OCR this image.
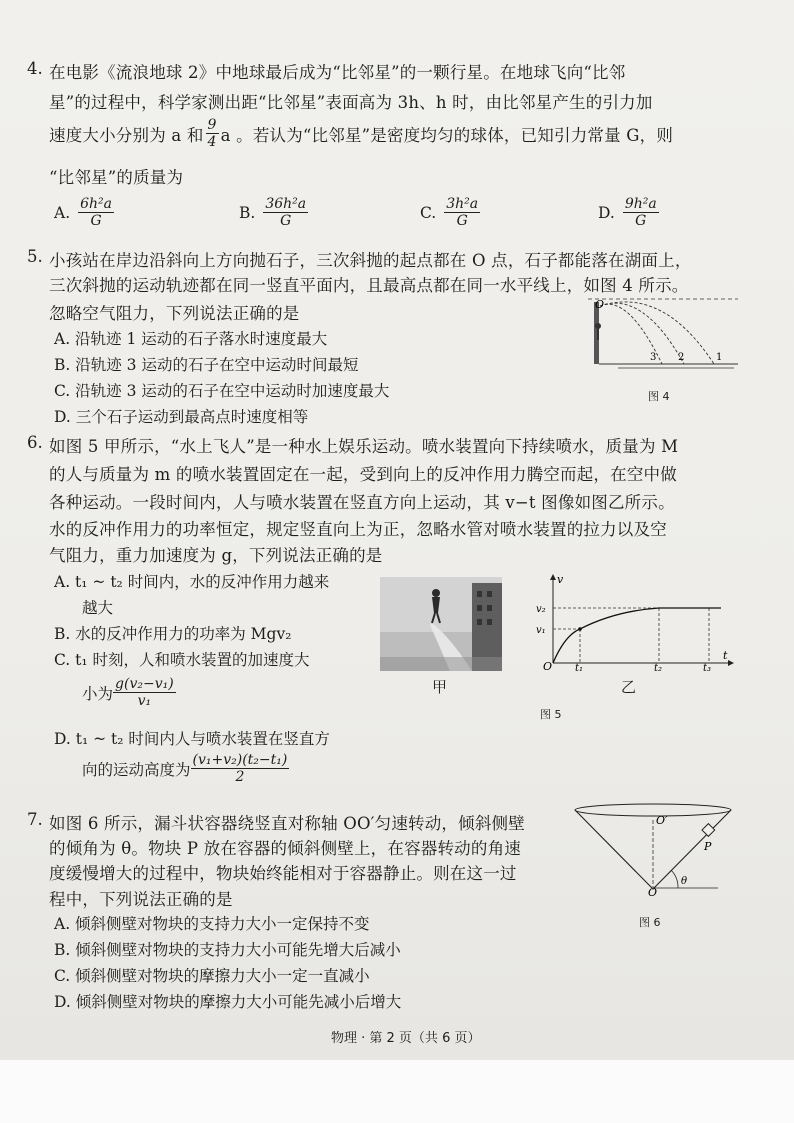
4. 在电影《流浪地球 2》中地球最后成为“比邻星”的一颗行星。在地球飞向“比邻
星”的过程中，科学家测出距“比邻星”表面高为 3h、h 时，由比邻星产生的引力加
速度大小分别为 a 和 $\frac{9}{4}$ a 。若认为“比邻星”是密度均匀的球体，已知引力常量 G，则
“比邻星”的质量为
A. $\frac{\text{6h²a}}{G}$	B. $\frac{\text{36h²a}}{G}$	C. $\frac{\text{3h²a}}{G}$	D. $\frac{\text{9h²a}}{G}$
5. 小孩站在岸边沿斜向上方向抛石子，三次斜抛的起点都在 O 点，石子都能落在湖面上，
三次斜抛的运动轨迹都在同一竖直平面内，且最高点都在同一水平线上，如图 4 所示。
忽略空气阻力，下列说法正确的是
A. 沿轨迹 1 运动的石子落水时速度最大
B. 沿轨迹 3 运动的石子在空中运动时间最短
C. 沿轨迹 3 运动的石子在空中运动时加速度最大
D. 三个石子运动到最高点时速度相等
O
3 2	1
图 4
6. 如图 5 甲所示，“水上飞人”是一种水上娱乐运动。喷水装置向下持续喷水，质量为 M
的人与质量为 m 的喷水装置固定在一起，受到向上的反冲作用力腾空而起，在空中做
各种运动。一段时间内，人与喷水装置在竖直方向上运动，其 v−t 图像如图乙所示。
水的反冲作用力的功率恒定，规定竖直向上为正，忽略水管对喷水装置的拉力以及空
气阻力，重力加速度为 g，下列说法正确的是
A. t₁ ~ t₂ 时间内，水的反冲作用力越来
越大
B. 水的反冲作用力的功率为 Mgv₂
C. t₁ 时刻，人和喷水装置的加速度大
小为 $\frac{\text{g(v₂−v₁)}}{\text{v₁}}$
D. t₁ ~ t₂ 时间内人与喷水装置在竖直方
向的运动高度为 $\frac{\text{(v₁+v₂)(t₂−t₁)}}{2}$
甲
v
t
O
v₂
v₁
t₁	t₂	t₃
乙
图 5
7. 如图 6 所示，漏斗状容器绕竖直对称轴 OO′匀速转动，倾斜侧壁
的倾角为 θ。物块 P 放在容器的倾斜侧壁上，在容器转动的角速
度缓慢增大的过程中，物块始终能相对于容器静止。则在这一过
程中，下列说法正确的是
A. 倾斜侧壁对物块的支持力大小一定保持不变
B. 倾斜侧壁对物块的支持力大小可能先增大后减小
C. 倾斜侧壁对物块的摩擦力大小一定一直减小
D. 倾斜侧壁对物块的摩擦力大小可能先减小后增大
O′
O
P
θ
图 6
物理 · 第 2 页（共 6 页）
